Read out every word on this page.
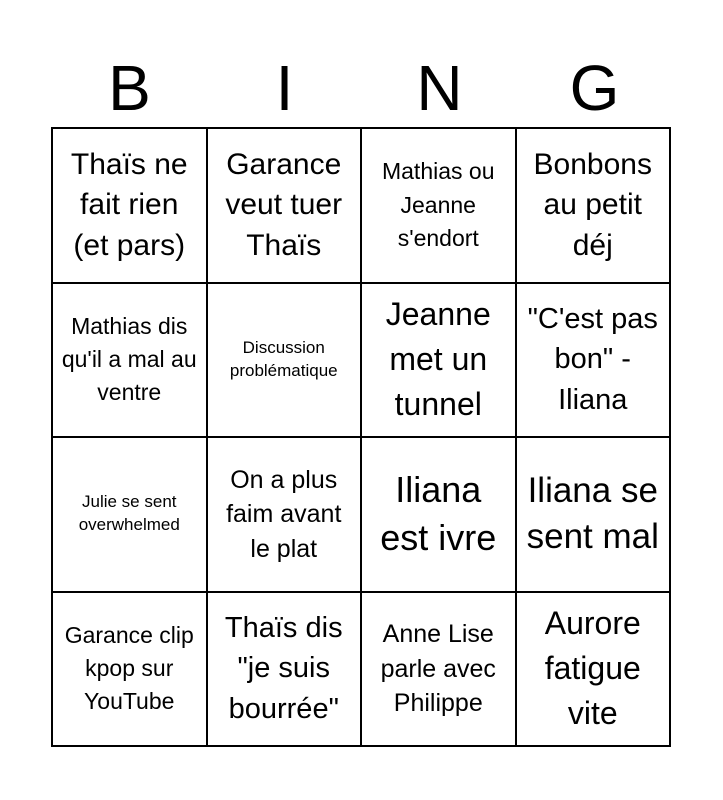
B	I	N	G
Thaïs ne fait rien (et pars)
Garance veut tuer Thaïs
Mathias ou Jeanne s'endort
Bonbons au petit déj
Mathias dis qu'il a mal au ventre
Discussion problématique
Jeanne met un tunnel
"C'est pas bon" - Iliana
Julie se sent overwhelmed
On a plus faim avant le plat
Iliana est ivre
Iliana se sent mal
Garance clip kpop sur YouTube
Thaïs dis "je suis bourrée"
Anne Lise parle avec Philippe
Aurore fatigue vite
